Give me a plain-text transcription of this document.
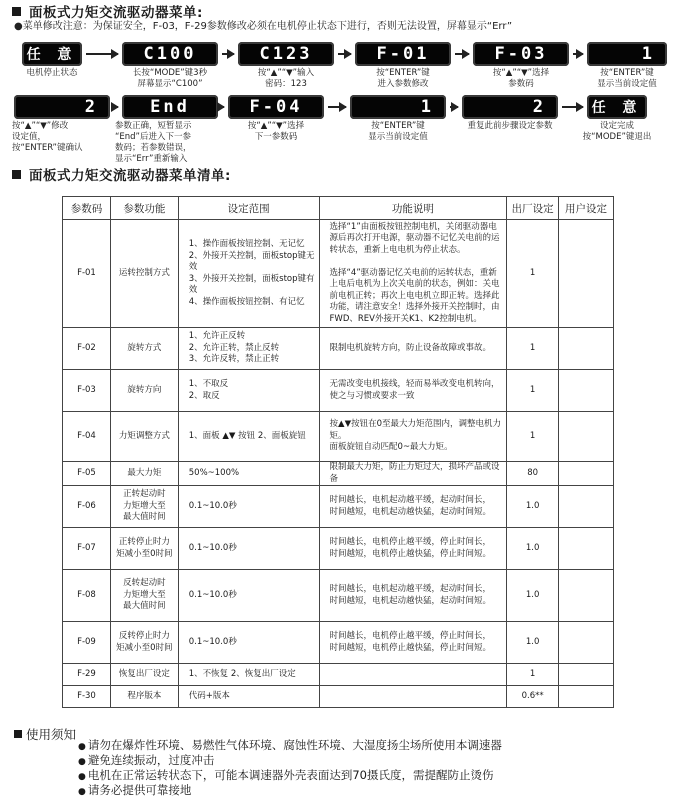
面板式力矩交流驱动器菜单:
●菜单修改注意：为保证安全，F-03，F-29参数修改必须在电机停止状态下进行，否则无法设置，屏幕显示“Err”
任 意
电机停止状态
C100
长按“MODE”键3秒
屏幕显示“C100”
C123
按“▲”“▼”输入
密码：123
F-01
按“ENTER”键
进入参数修改
F-03
按“▲”“▼”选择
参数码
1
按“ENTER”键
显示当前设定值
2
按“▲”“▼”修改
设定值，
按“ENTER”键确认
End
参数正确，短暂显示
“End”后进入下一参
数码；若参数错误，
显示“Err”重新输入
F-04
按“▲”“▼”选择
下一参数码
1
按“ENTER”键
显示当前设定值
2
重复此前步骤设定参数
任 意
设定完成
按“MODE”键退出
面板式力矩交流驱动器菜单清单:
参数码	参数功能	设定范围	功能说明	出厂设定	用户设定
F-01	运转控制方式	1、操作面板按钮控制、无记忆
2、外接开关控制，面板stop键无效
3、外接开关控制，面板stop键有效
4、操作面板按钮控制、有记忆	选择“1”由面板按钮控制电机，关闭驱动器电源后再次打开电源，驱动器不记忆关电前的运转状态，重新上电电机为停止状态。

选择“4”驱动器记忆关电前的运转状态，重新上电后电机为上次关电前的状态，例如：关电前电机正转；再次上电电机立即正转。选择此功能，请注意安全！选择外接开关控制时，由FWD、REV外接开关K1、K2控制电机。	1	
F-02	旋转方式	1、允许正反转
2、允许正转，禁止反转
3、允许反转，禁止正转	限制电机旋转方向，防止设备故障或事故。	1	
F-03	旋转方向	1、不取反
2、取反	无需改变电机接线，轻而易举改变电机转向，使之与习惯或要求一致	1	
F-04	力矩调整方式	1、面板 ▲▼ 按钮 2、面板旋钮	按▲▼按钮在0至最大力矩范围内，调整电机力矩。
面板旋钮自动匹配0~最大力矩。	1	
F-05	最大力矩	50%~100%	限制最大力矩，防止力矩过大，损坏产品或设备	80	
F-06	正转起动时
力矩增大至
最大值时间	0.1~10.0秒	时间越长，电机起动越平缓，起动时间长，
时间越短，电机起动越快猛，起动时间短。	1.0	
F-07	正转停止时力
矩减小至0时间	0.1~10.0秒	时间越长，电机停止越平缓，停止时间长，
时间越短，电机停止越快猛，停止时间短。	1.0	
F-08	反转起动时
力矩增大至
最大值时间	0.1~10.0秒	时间越长，电机起动越平缓，起动时间长，
时间越短，电机起动越快猛，起动时间短。	1.0	
F-09	反转停止时力
矩减小至0时间	0.1~10.0秒	时间越长，电机停止越平缓，停止时间长，
时间越短，电机停止越快猛，停止时间短。	1.0	
F-29	恢复出厂设定	1、不恢复 2、恢复出厂设定		1	
F-30	程序版本	代码+版本		0.6**	
使用须知
● 请勿在爆炸性环境、易燃性气体环境、腐蚀性环境、大湿度扬尘场所使用本调速器
● 避免连续振动，过度冲击
● 电机在正常运转状态下，可能本调速器外壳表面达到70摄氏度，需提醒防止烫伤
● 请务必提供可靠接地
